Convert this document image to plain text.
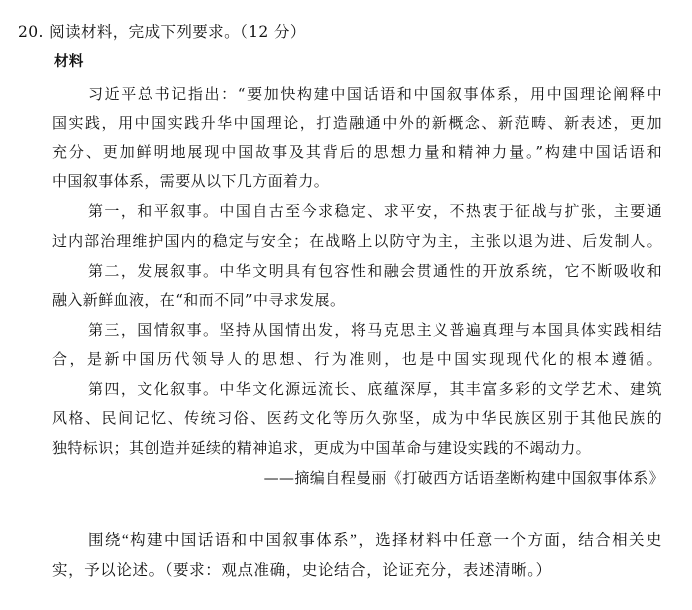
20. 阅读材料，完成下列要求。（12 分）
材料
习近平总书记指出：“要加快构建中国话语和中国叙事体系，用中国理论阐释中
国实践，用中国实践升华中国理论，打造融通中外的新概念、新范畴、新表述，更加
充分、更加鲜明地展现中国故事及其背后的思想力量和精神力量。”构建中国话语和
中国叙事体系，需要从以下几方面着力。
第一，和平叙事。中国自古至今求稳定、求平安，不热衷于征战与扩张，主要通
过内部治理维护国内的稳定与安全；在战略上以防守为主，主张以退为进、后发制人。
第二，发展叙事。中华文明具有包容性和融会贯通性的开放系统，它不断吸收和
融入新鲜血液，在“和而不同”中寻求发展。
第三，国情叙事。坚持从国情出发，将马克思主义普遍真理与本国具体实践相结
合，是新中国历代领导人的思想、行为准则，也是中国实现现代化的根本遵循。
第四，文化叙事。中华文化源远流长、底蕴深厚，其丰富多彩的文学艺术、建筑
风格、民间记忆、传统习俗、医药文化等历久弥坚，成为中华民族区别于其他民族的
独特标识；其创造并延续的精神追求，更成为中国革命与建设实践的不竭动力。
——摘编自程曼丽《打破西方话语垄断构建中国叙事体系》
围绕“构建中国话语和中国叙事体系”，选择材料中任意一个方面，结合相关史
实，予以论述。（要求：观点准确，史论结合，论证充分，表述清晰。）
